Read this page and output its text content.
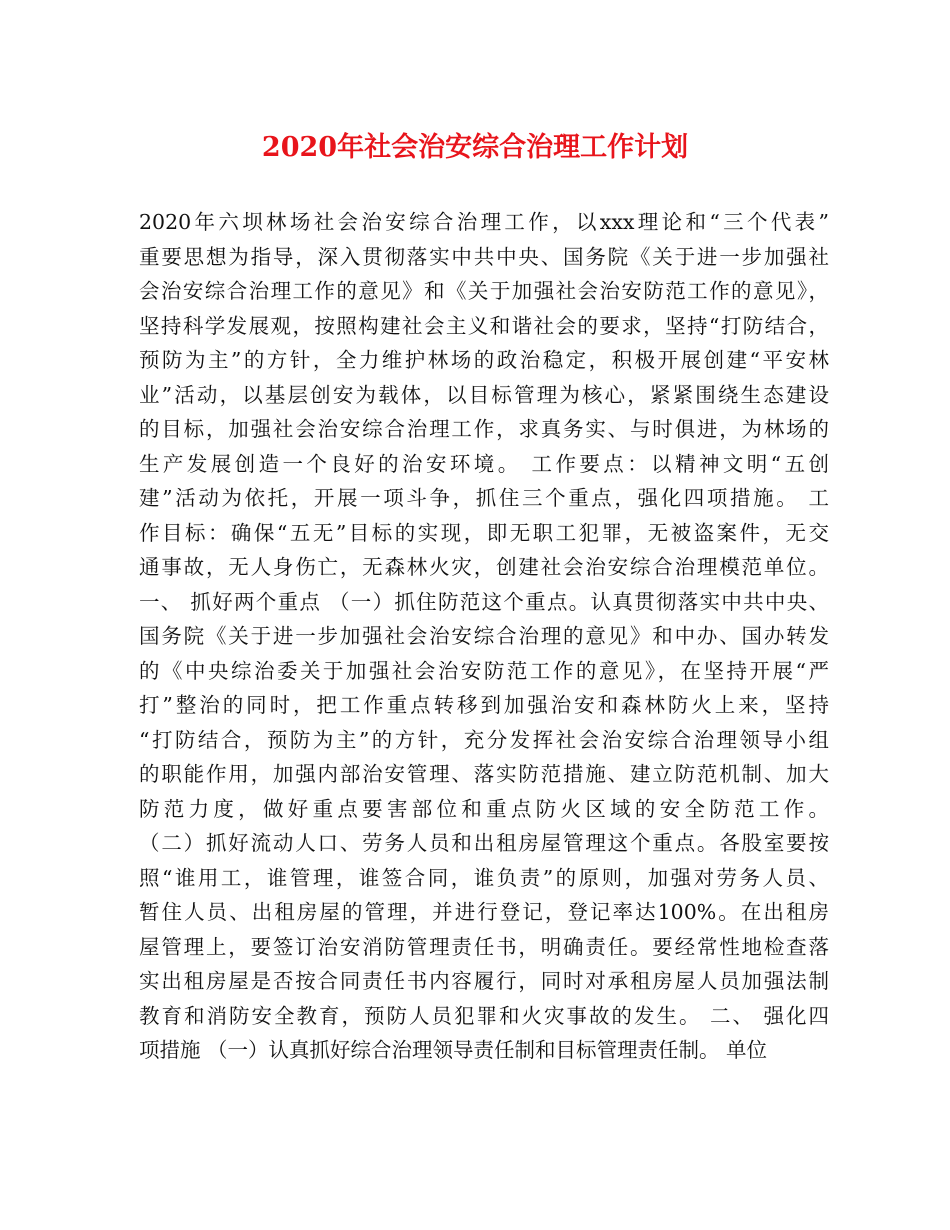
2020年社会治安综合治理工作计划
2020年六坝林场社会治安综合治理工作，以xxx理论和“三个代表”
重要思想为指导，深入贯彻落实中共中央、国务院《关于进一步加强社
会治安综合治理工作的意见》和《关于加强社会治安防范工作的意见》，
坚持科学发展观，按照构建社会主义和谐社会的要求，坚持“打防结合，
预防为主”的方针，全力维护林场的政治稳定，积极开展创建“平安林
业”活动，以基层创安为载体，以目标管理为核心，紧紧围绕生态建设
的目标，加强社会治安综合治理工作，求真务实、与时俱进，为林场的
生产发展创造一个良好的治安环境。 工作要点：以精神文明“五创
建”活动为依托，开展一项斗争，抓住三个重点，强化四项措施。 工
作目标：确保“五无”目标的实现，即无职工犯罪，无被盗案件，无交
通事故，无人身伤亡，无森林火灾，创建社会治安综合治理模范单位。
一、 抓好两个重点 （一）抓住防范这个重点。认真贯彻落实中共中央、
国务院《关于进一步加强社会治安综合治理的意见》和中办、国办转发
的《中央综治委关于加强社会治安防范工作的意见》，在坚持开展“严
打”整治的同时，把工作重点转移到加强治安和森林防火上来，坚持
“打防结合，预防为主”的方针，充分发挥社会治安综合治理领导小组
的职能作用，加强内部治安管理、落实防范措施、建立防范机制、加大
防范力度，做好重点要害部位和重点防火区域的安全防范工作。
（二）抓好流动人口、劳务人员和出租房屋管理这个重点。各股室要按
照“谁用工，谁管理，谁签合同，谁负责”的原则，加强对劳务人员、
暂住人员、出租房屋的管理，并进行登记，登记率达100%。在出租房
屋管理上，要签订治安消防管理责任书，明确责任。要经常性地检查落
实出租房屋是否按合同责任书内容履行，同时对承租房屋人员加强法制
教育和消防安全教育，预防人员犯罪和火灾事故的发生。 二、 强化四
项措施 （一）认真抓好综合治理领导责任制和目标管理责任制。 单位
